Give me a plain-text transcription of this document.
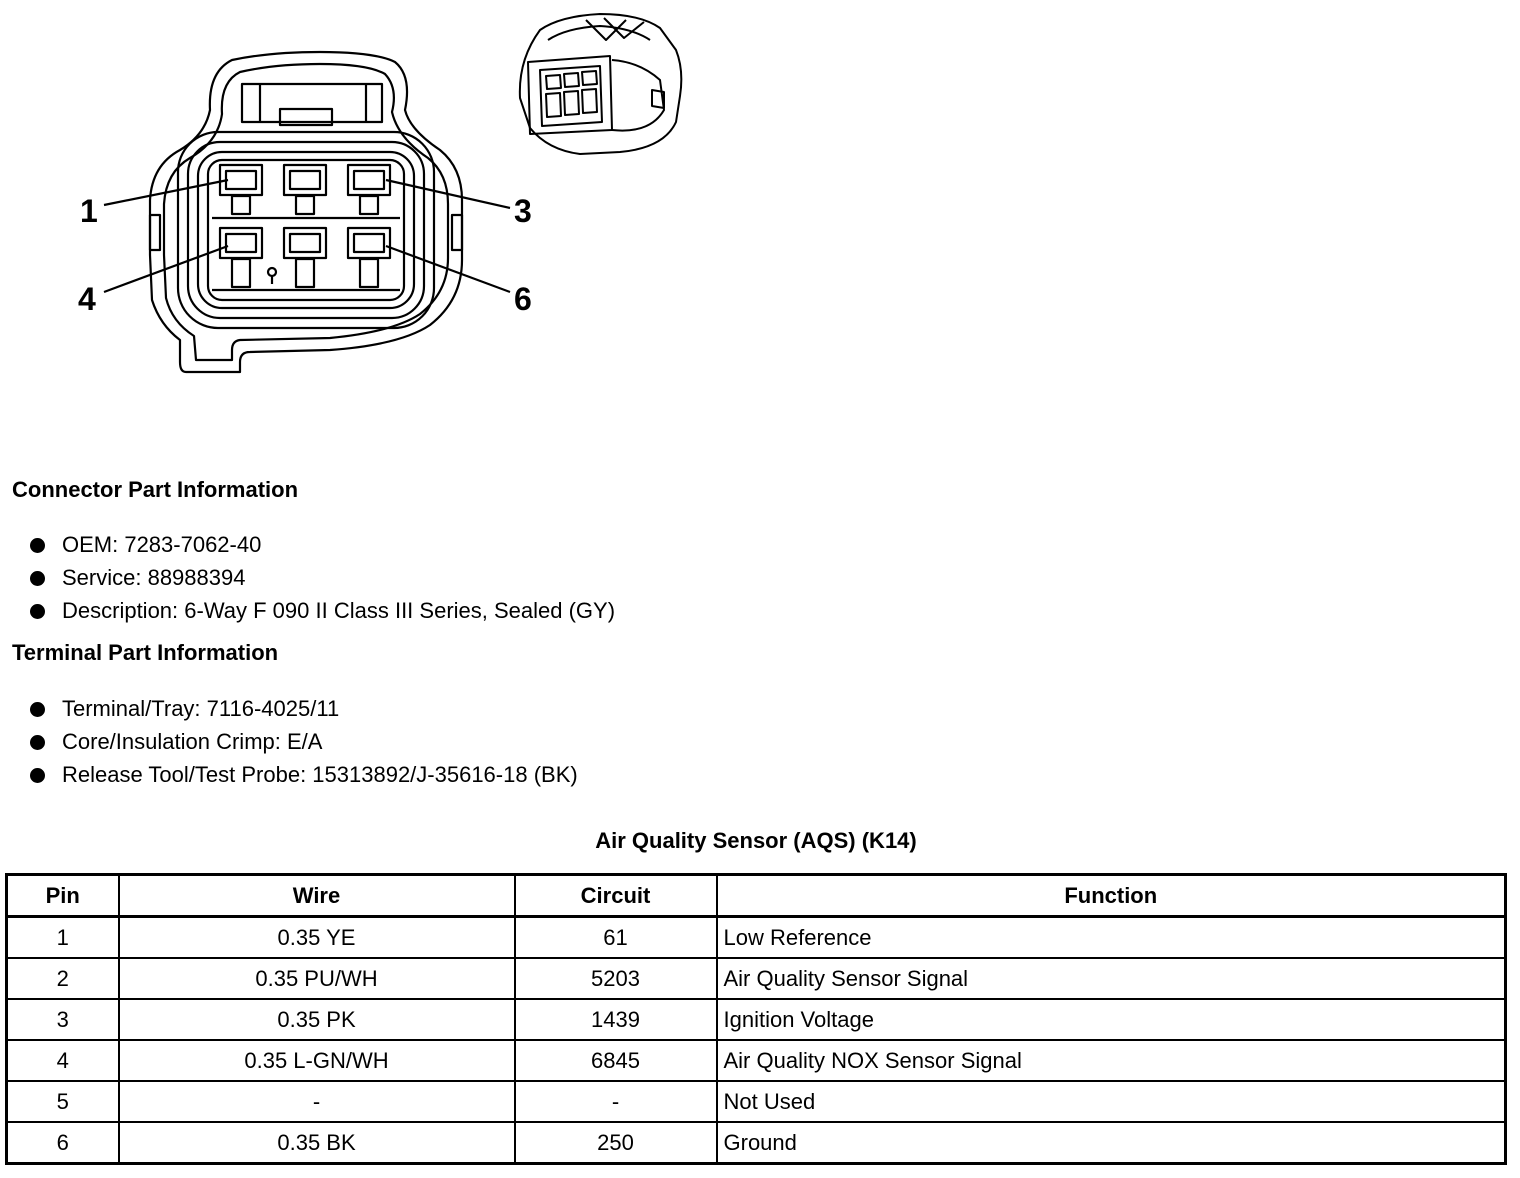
1	3
4	6
Connector Part Information
OEM: 7283-7062-40
Service: 88988394
Description: 6-Way F 090 II Class III Series, Sealed (GY)
Terminal Part Information
Terminal/Tray: 7116-4025/11
Core/Insulation Crimp: E/A
Release Tool/Test Probe: 15313892/J-35616-18 (BK)
Air Quality Sensor (AQS) (K14)
Pin	Wire	Circuit	Function
1	0.35 YE	61	Low Reference
2	0.35 PU/WH	5203	Air Quality Sensor Signal
3	0.35 PK	1439	Ignition Voltage
4	0.35 L-GN/WH	6845	Air Quality NOX Sensor Signal
5	-	-	Not Used
6	0.35 BK	250	Ground
